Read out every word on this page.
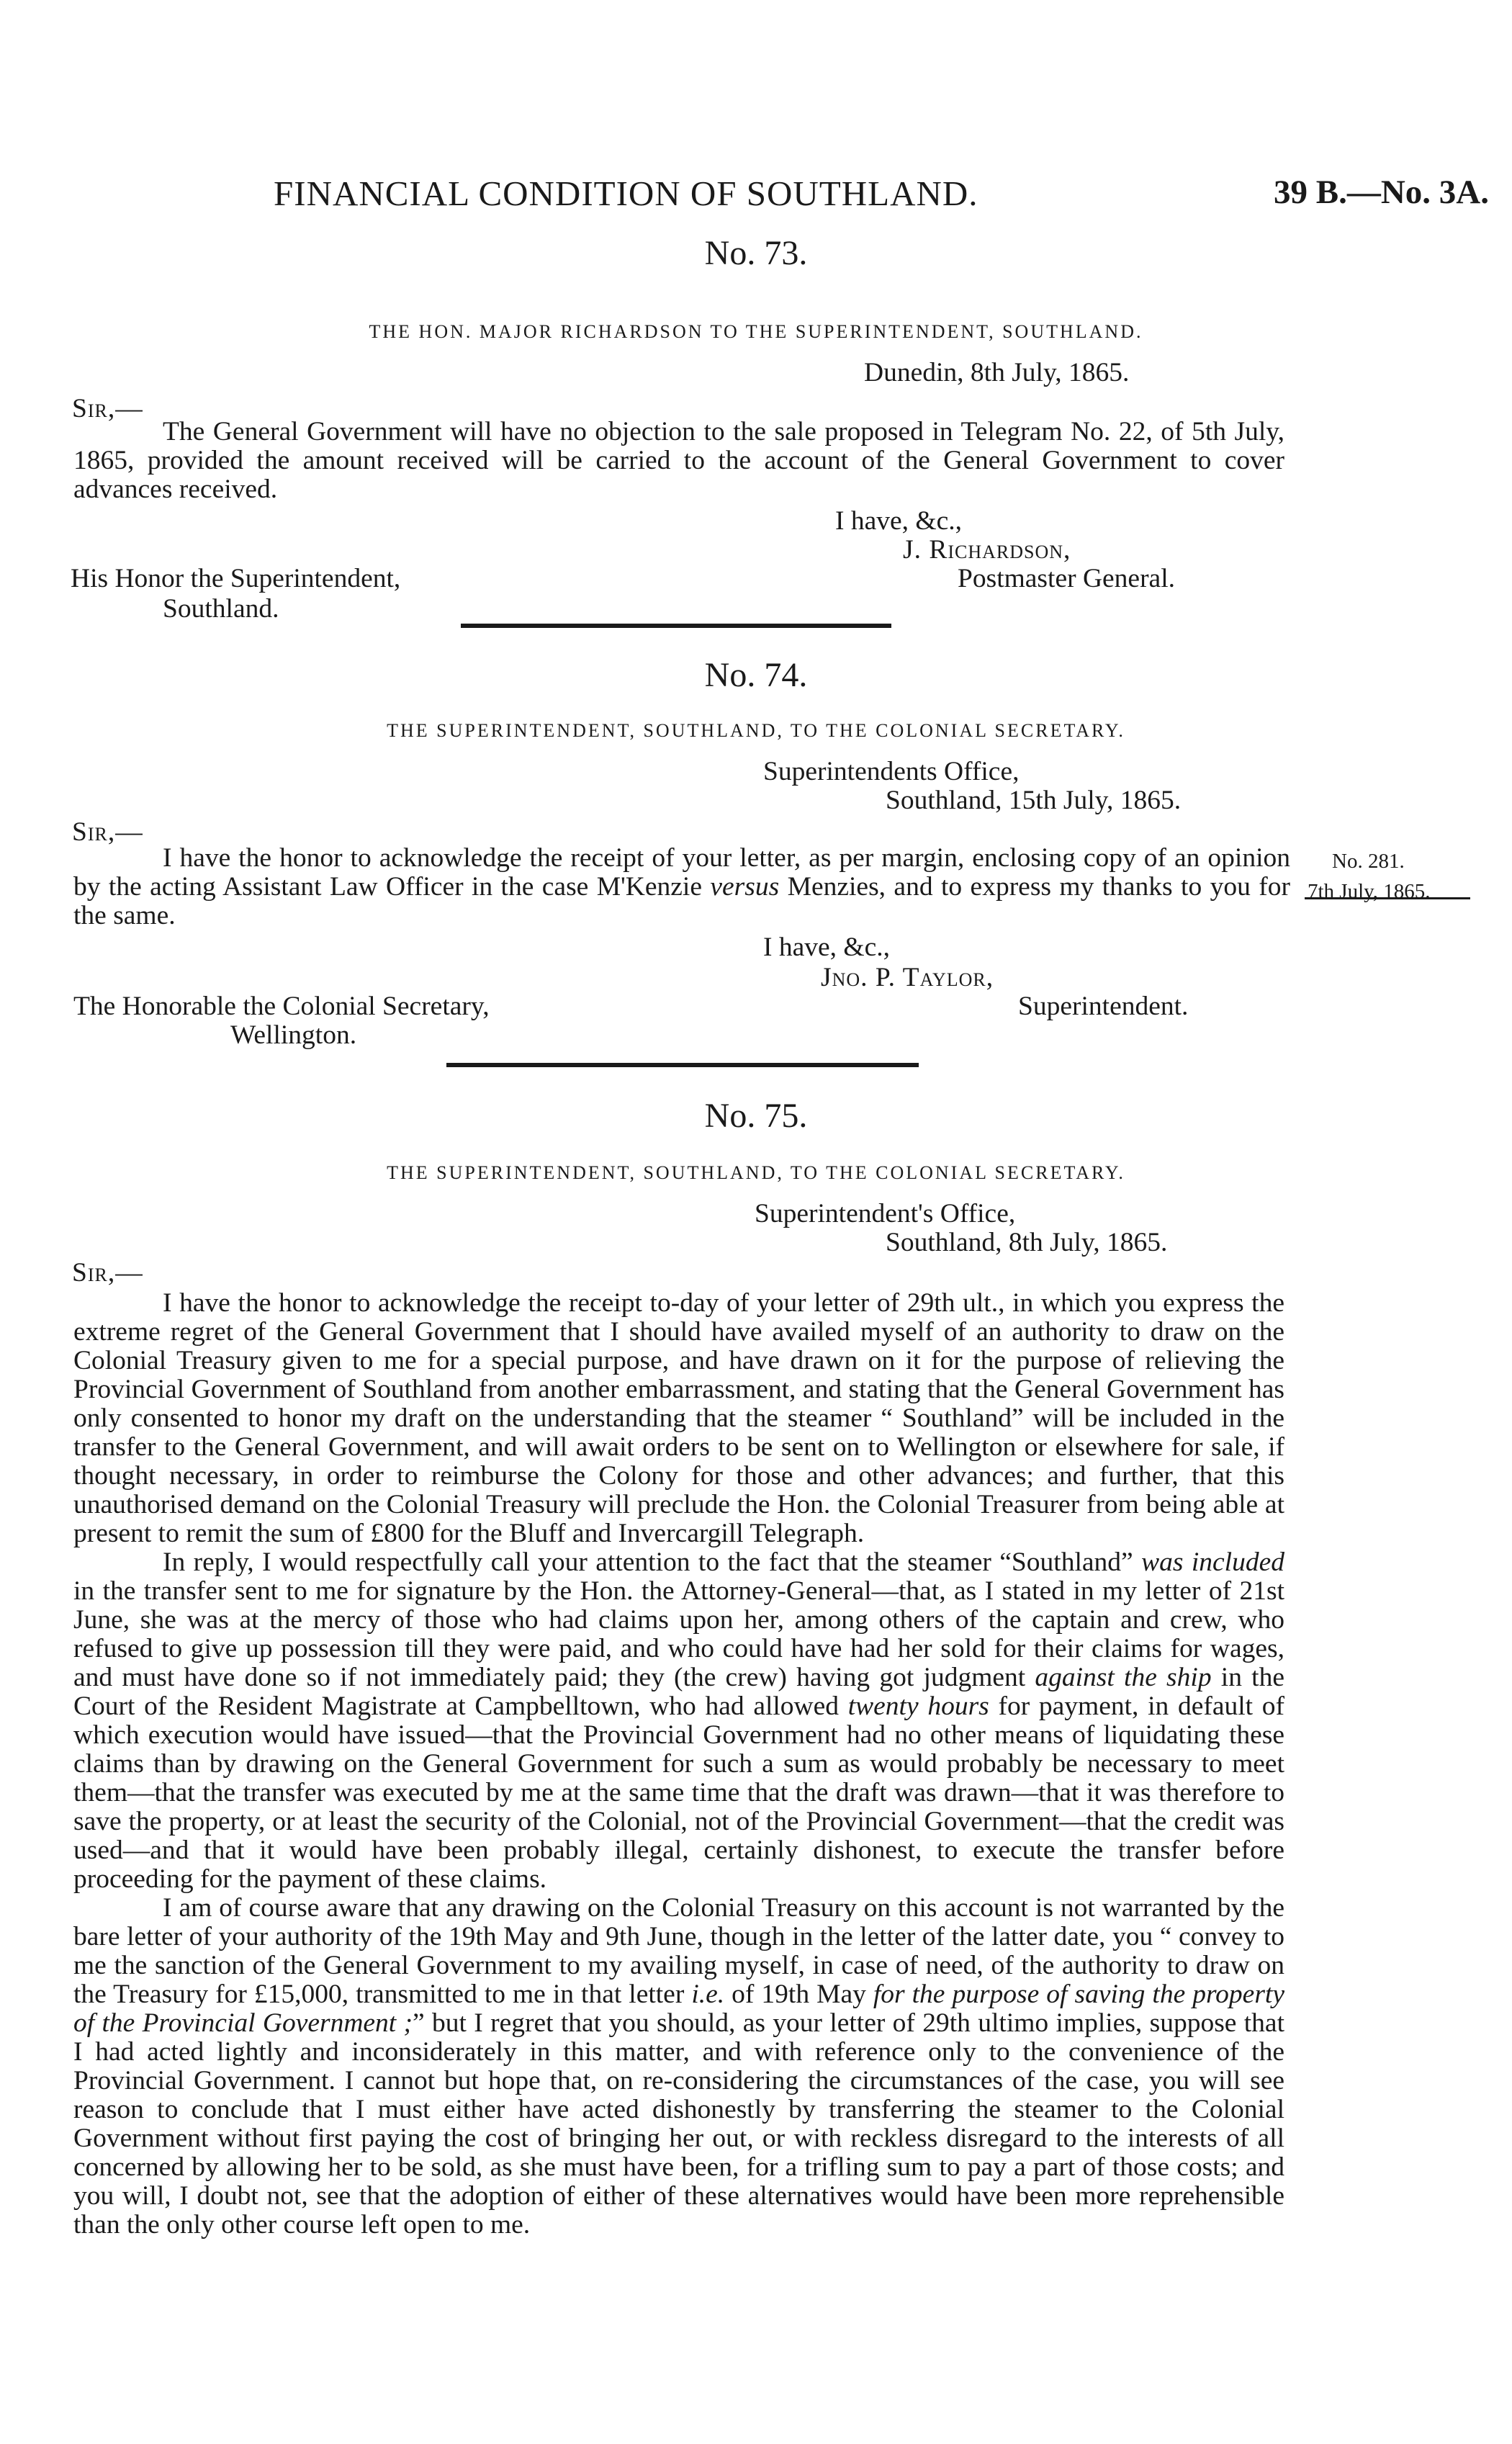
FINANCIAL CONDITION OF SOUTHLAND.	39 B.—No. 3A.
No. 73.
THE HON. MAJOR RICHARDSON TO THE SUPERINTENDENT, SOUTHLAND.
Dunedin, 8th July, 1865.
Sir,—

The General Government will have no objection to the sale proposed in Telegram No. 22, of 5th July, 1865, provided the amount received will be carried to the account of the General Government to cover advances received.

I have, &c.,
J. Richardson,
Postmaster General.
His Honor the Superintendent,
Southland.
No. 74.
THE SUPERINTENDENT, SOUTHLAND, TO THE COLONIAL SECRETARY.
Superintendents Office,
Southland, 15th July, 1865.
Sir,—

I have the honor to acknowledge the receipt of your letter, as per margin, enclosing copy of an opinion by the acting Assistant Law Officer in the case M'Kenzie versus Menzies, and to express my thanks to you for the same.

No. 281.
7th July, 1865.
I have, &c.,
Jno. P. Taylor,
Superintendent.
The Honorable the Colonial Secretary,
Wellington.
No. 75.
THE SUPERINTENDENT, SOUTHLAND, TO THE COLONIAL SECRETARY.
Superintendent's Office,
Southland, 8th July, 1865.
Sir,—

I have the honor to acknowledge the receipt to-day of your letter of 29th ult., in which you express the extreme regret of the General Government that I should have availed myself of an authority to draw on the Colonial Treasury given to me for a special purpose, and have drawn on it for the purpose of relieving the Provincial Government of Southland from another embarrassment, and stating that the General Government has only consented to honor my draft on the understanding that the steamer “ Southland” will be included in the transfer to the General Government, and will await orders to be sent on to Wellington or elsewhere for sale, if thought necessary, in order to reimburse the Colony for those and other advances; and further, that this unauthorised demand on the Colonial Treasury will preclude the Hon. the Colonial Treasurer from being able at present to remit the sum of £800 for the Bluff and Invercargill Telegraph.

In reply, I would respectfully call your attention to the fact that the steamer “Southland” was included in the transfer sent to me for signature by the Hon. the Attorney-General—that, as I stated in my letter of 21st June, she was at the mercy of those who had claims upon her, among others of the captain and crew, who refused to give up possession till they were paid, and who could have had her sold for their claims for wages, and must have done so if not immediately paid; they (the crew) having got judgment against the ship in the Court of the Resident Magistrate at Campbelltown, who had allowed twenty hours for payment, in default of which execution would have issued—that the Provincial Government had no other means of liquidating these claims than by drawing on the General Government for such a sum as would probably be necessary to meet them—that the transfer was executed by me at the same time that the draft was drawn—that it was therefore to save the property, or at least the security of the Colonial, not of the Provincial Government—that the credit was used—and that it would have been probably illegal, certainly dishonest, to execute the transfer before proceeding for the payment of these claims.

I am of course aware that any drawing on the Colonial Treasury on this account is not warranted by the bare letter of your authority of the 19th May and 9th June, though in the letter of the latter date, you “ convey to me the sanction of the General Government to my availing myself, in case of need, of the authority to draw on the Treasury for £15,000, transmitted to me in that letter i.e. of 19th May for the purpose of saving the property of the Provincial Government ;” but I regret that you should, as your letter of 29th ultimo implies, suppose that I had acted lightly and inconsiderately in this matter, and with reference only to the convenience of the Provincial Government. I cannot but hope that, on re-considering the circumstances of the case, you will see reason to conclude that I must either have acted dishonestly by transferring the steamer to the Colonial Government without first paying the cost of bringing her out, or with reckless disregard to the interests of all concerned by allowing her to be sold, as she must have been, for a trifling sum to pay a part of those costs; and you will, I doubt not, see that the adoption of either of these alternatives would have been more reprehensible than the only other course left open to me.
